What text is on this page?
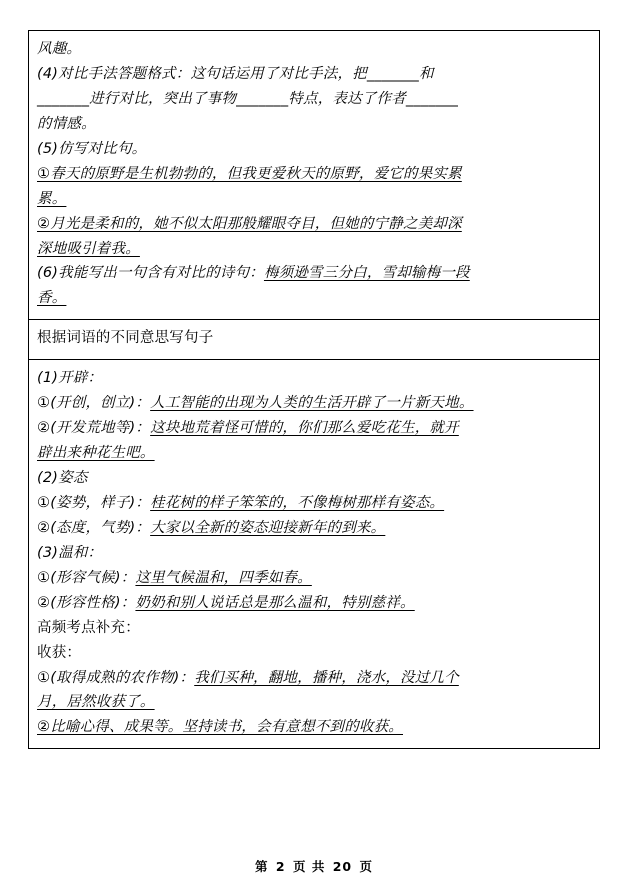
风趣。
(4)对比手法答题格式：这句话运用了对比手法，把_______和
_______进行对比，突出了事物_______特点，表达了作者_______
的情感。
(5)仿写对比句。
①春天的原野是生机勃勃的，但我更爱秋天的原野，爱它的果实累
累。
②月光是柔和的，她不似太阳那般耀眼夺目，但她的宁静之美却深
深地吸引着我。
(6)我能写出一句含有对比的诗句：梅须逊雪三分白，雪却输梅一段
香。

根据词语的不同意思写句子

(1)开辟：
①(开创，创立)：人工智能的出现为人类的生活开辟了一片新天地。
②(开发荒地等)：这块地荒着怪可惜的，你们那么爱吃花生，就开
辟出来种花生吧。
(2)姿态
①(姿势，样子)：桂花树的样子笨笨的，不像梅树那样有姿态。
②(态度，气势)：大家以全新的姿态迎接新年的到来。
(3)温和：
①(形容气候)：这里气候温和，四季如春。
②(形容性格)：奶奶和别人说话总是那么温和，特别慈祥。
高频考点补充：
收获：
①(取得成熟的农作物)：我们买种，翻地，播种，浇水，没过几个
月，居然收获了。
②比喻心得、成果等。坚持读书，会有意想不到的收获。
第 2 页 共 20 页
